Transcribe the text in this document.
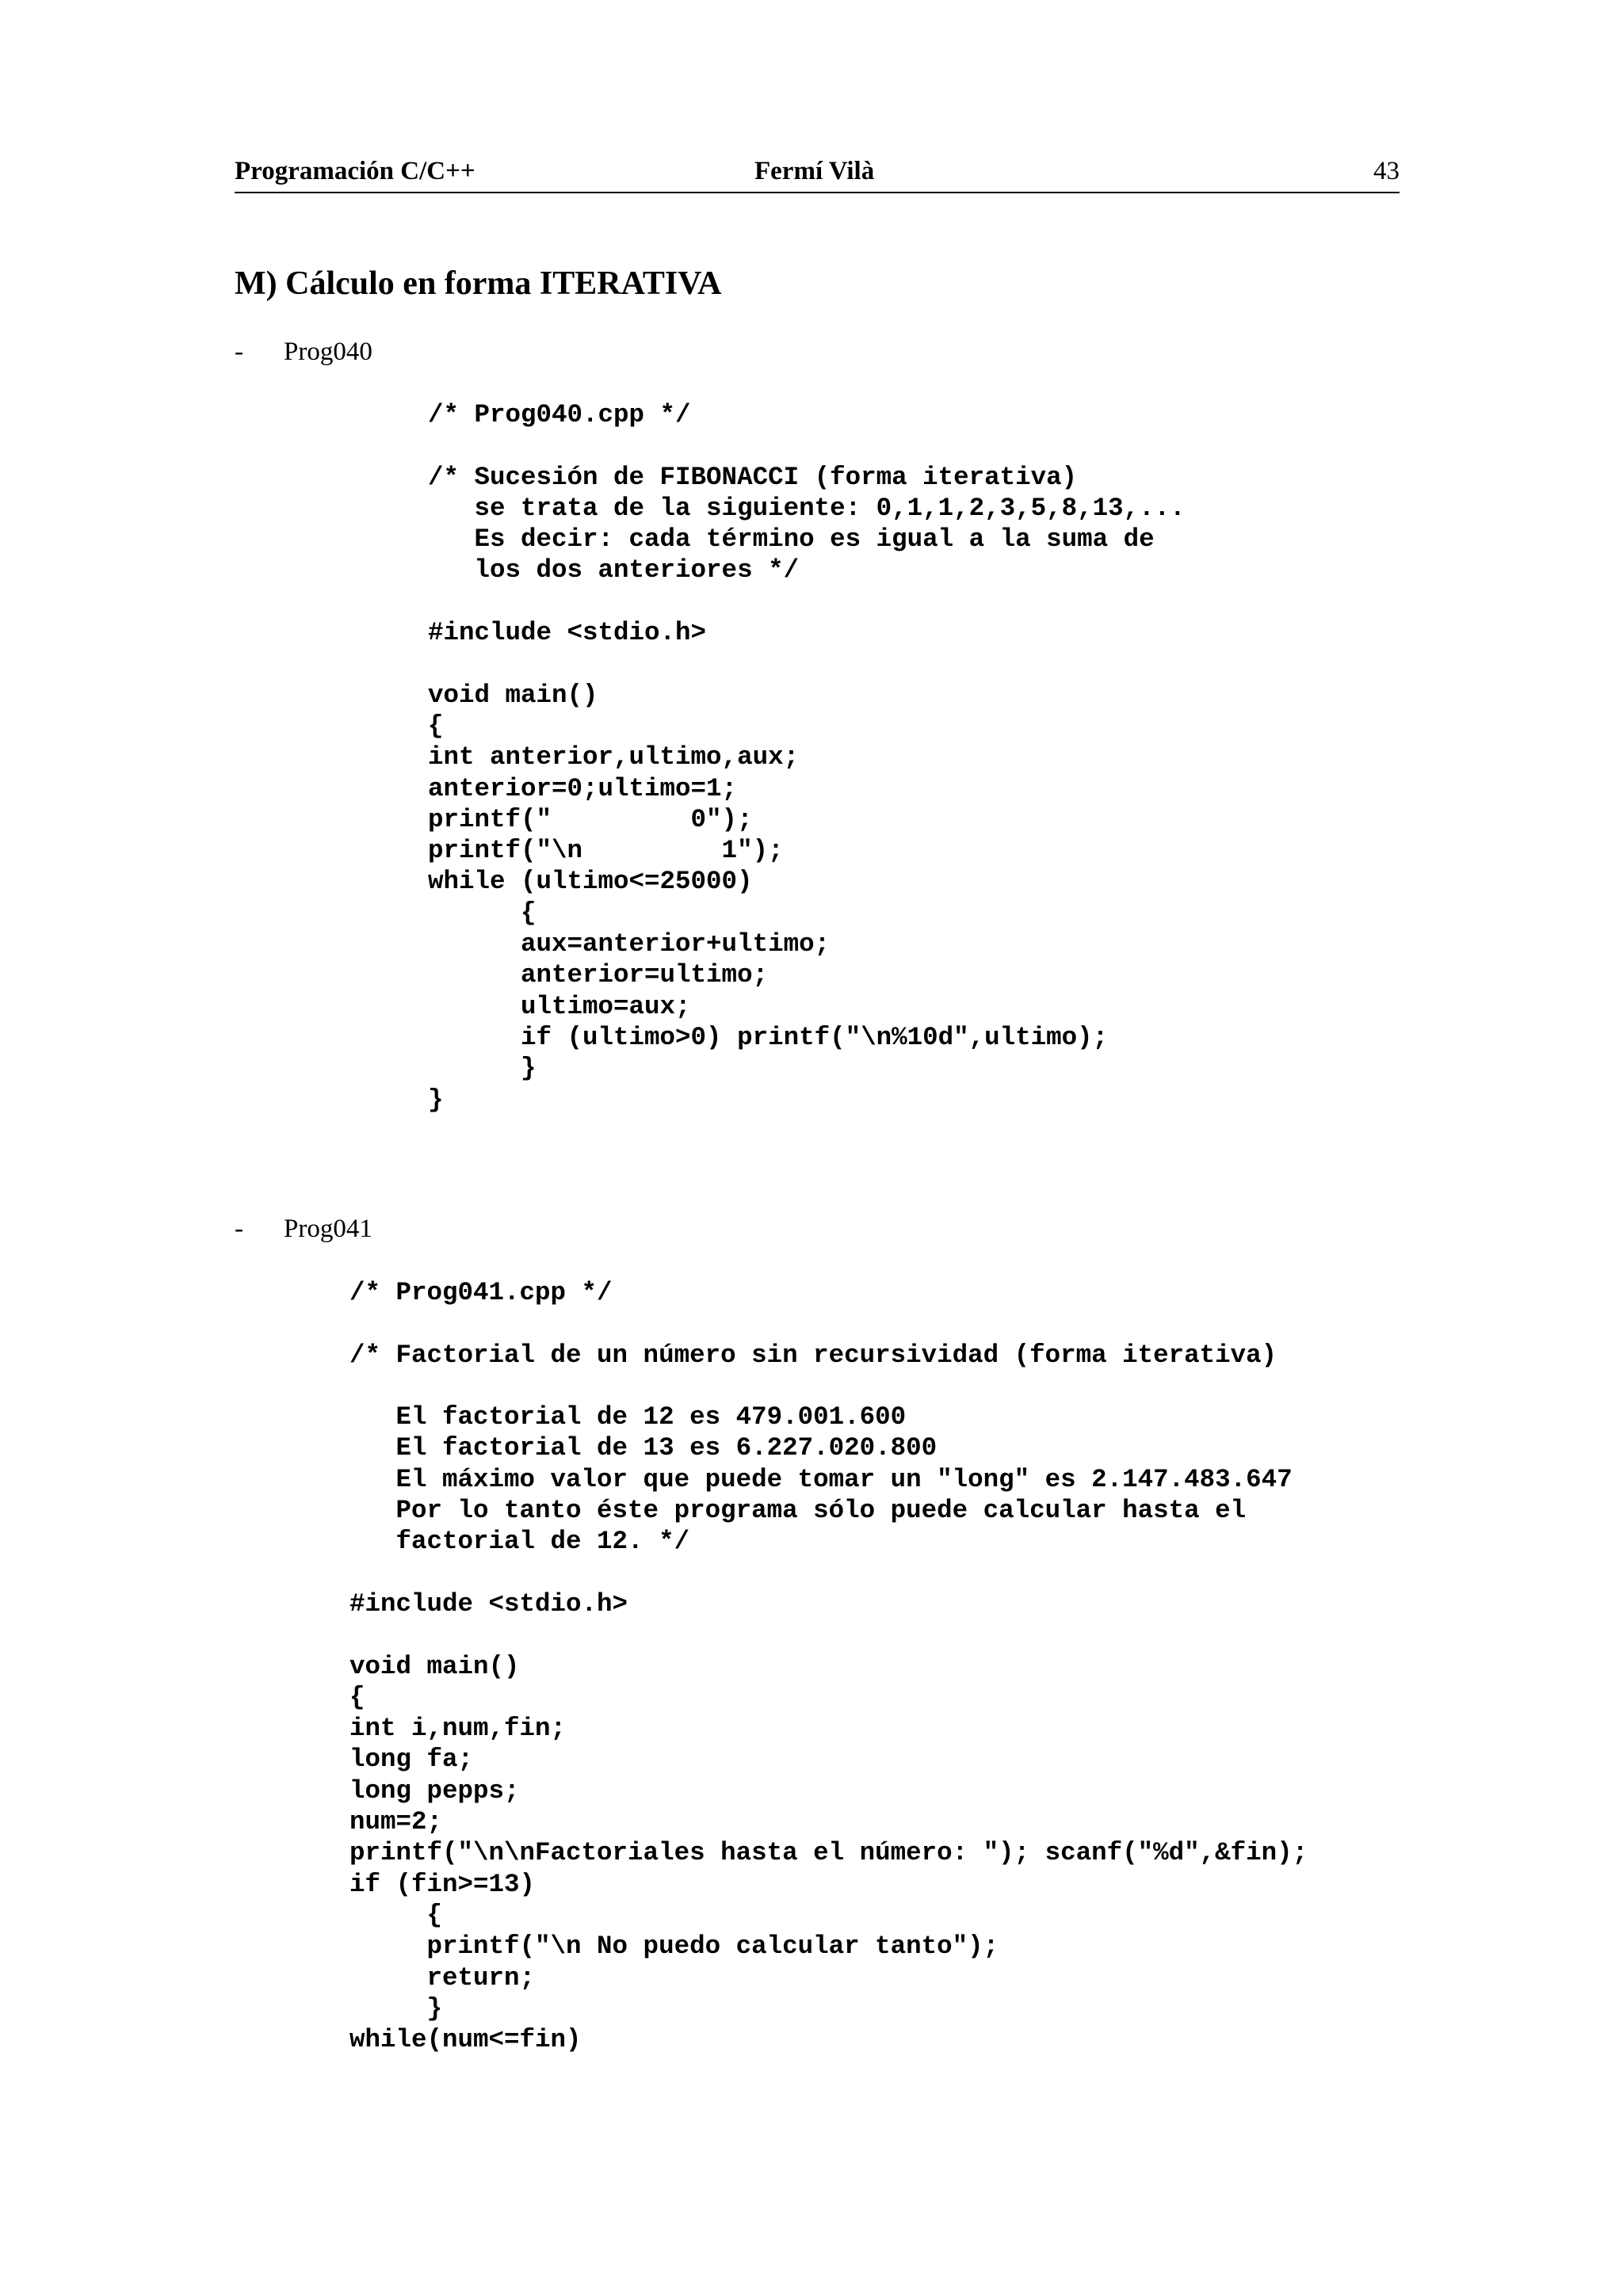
Programación C/C++	Fermí Vilà	43
M) Cálculo en forma ITERATIVA
- Prog040
/* Prog040.cpp */

/* Sucesión de FIBONACCI (forma iterativa)
se trata de la siguiente: 0,1,1,2,3,5,8,13,...
Es decir: cada término es igual a la suma de
los dos anteriores */

#include <stdio.h>

void main()
{
int anterior,ultimo,aux;
anterior=0;ultimo=1;
printf("         0");
printf("\n         1");
while (ultimo<=25000)
{
aux=anterior+ultimo;
anterior=ultimo;
ultimo=aux;
if (ultimo>0) printf("\n%10d",ultimo);
}
}
- Prog041
/* Prog041.cpp */

/* Factorial de un número sin recursividad (forma iterativa)

El factorial de 12 es 479.001.600
El factorial de 13 es 6.227.020.800
El máximo valor que puede tomar un "long" es 2.147.483.647
Por lo tanto éste programa sólo puede calcular hasta el
factorial de 12. */

#include <stdio.h>

void main()
{
int i,num,fin;
long fa;
long pepps;
num=2;
printf("\n\nFactoriales hasta el número: "); scanf("%d",&fin);
if (fin>=13)
{
printf("\n No puedo calcular tanto");
return;
}
while(num<=fin)
